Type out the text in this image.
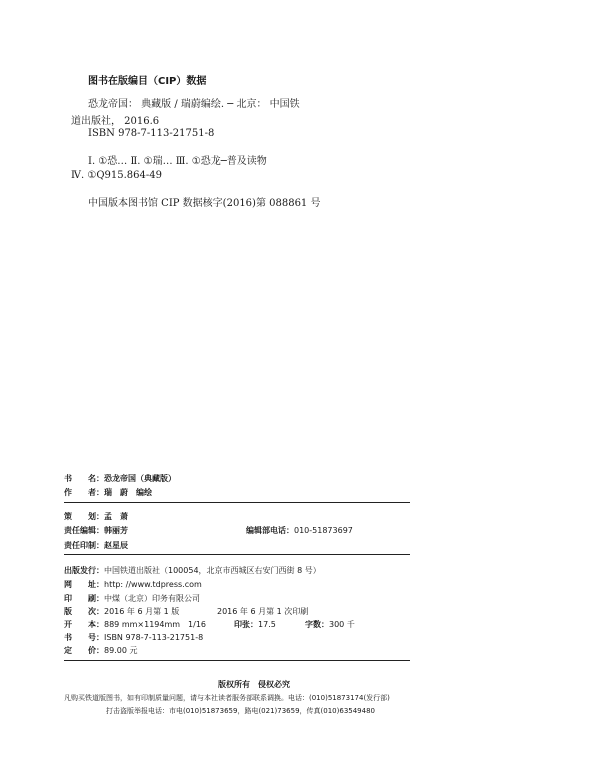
图书在版编目（CIP）数据
恐龙帝国： 典藏版 / 瑞蔚编绘. ─ 北京： 中国铁
道出版社， 2016.6
ISBN 978-7-113-21751-8
Ⅰ. ①恐… Ⅱ. ①瑞… Ⅲ. ①恐龙─普及读物
Ⅳ. ①Q915.864-49
中国版本图书馆 CIP 数据核字(2016)第 088861 号
书　　名：恐龙帝国（典藏版）
作　　者：瑞　蔚　编绘
策　　划：孟　萧
责任编辑：韩丽芳	编辑部电话：010-51873697
责任印制：赵星辰
出版发行：中国铁道出版社（100054，北京市西城区右安门西街 8 号）
网　　址：http: //www.tdpress.com
印　　刷：中煤（北京）印务有限公司
版　　次：2016 年 6 月第 1 版	2016 年 6 月第 1 次印刷
开　　本：889 mm×1194mm　1/16	印张：17.5	字数：300 千
书　　号：ISBN 978-7-113-21751-8
定　　价：89.00 元
版权所有　侵权必究
凡购买铁道版图书，如有印制质量问题，请与本社读者服务部联系调换。电话：(010)51873174(发行部)
打击盗版举报电话：市电(010)51873659，路电(021)73659，传真(010)63549480
